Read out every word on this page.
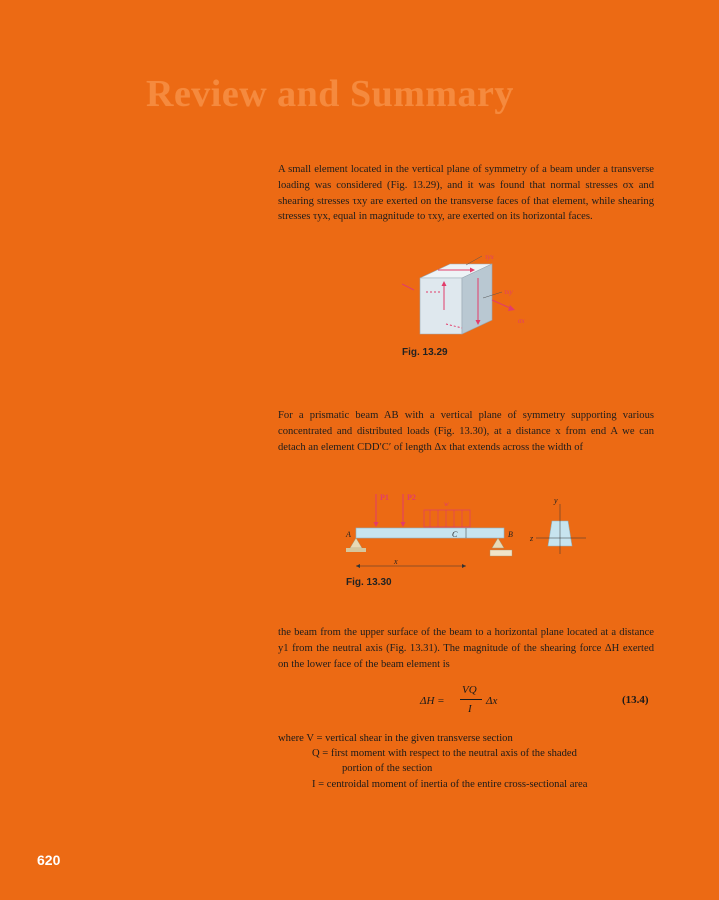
Review and Summary
A small element located in the vertical plane of symmetry of a beam under a transverse loading was considered (Fig. 13.29), and it was found that normal stresses σx and shearing stresses τxy are exerted on the transverse faces of that element, while shearing stresses τyx, equal in magnitude to τxy, are exerted on its horizontal faces.
τyx
τxy
σx
Fig. 13.29
For a prismatic beam AB with a vertical plane of symmetry supporting various concentrated and distributed loads (Fig. 13.30), at a distance x from end A we can detach an element CDD′C′ of length Δx that extends across the width of
P1 P2
w
A	C	B
x
y
z
Fig. 13.30
the beam from the upper surface of the beam to a horizontal plane located at a distance y1 from the neutral axis (Fig. 13.31). The magnitude of the shearing force ΔH exerted on the lower face of the beam element is
ΔH =
VQ
I
Δx	(13.4)
where V = vertical shear in the given transverse section
Q = first moment with respect to the neutral axis of the shaded
portion of the section
I = centroidal moment of inertia of the entire cross-sectional area
620
